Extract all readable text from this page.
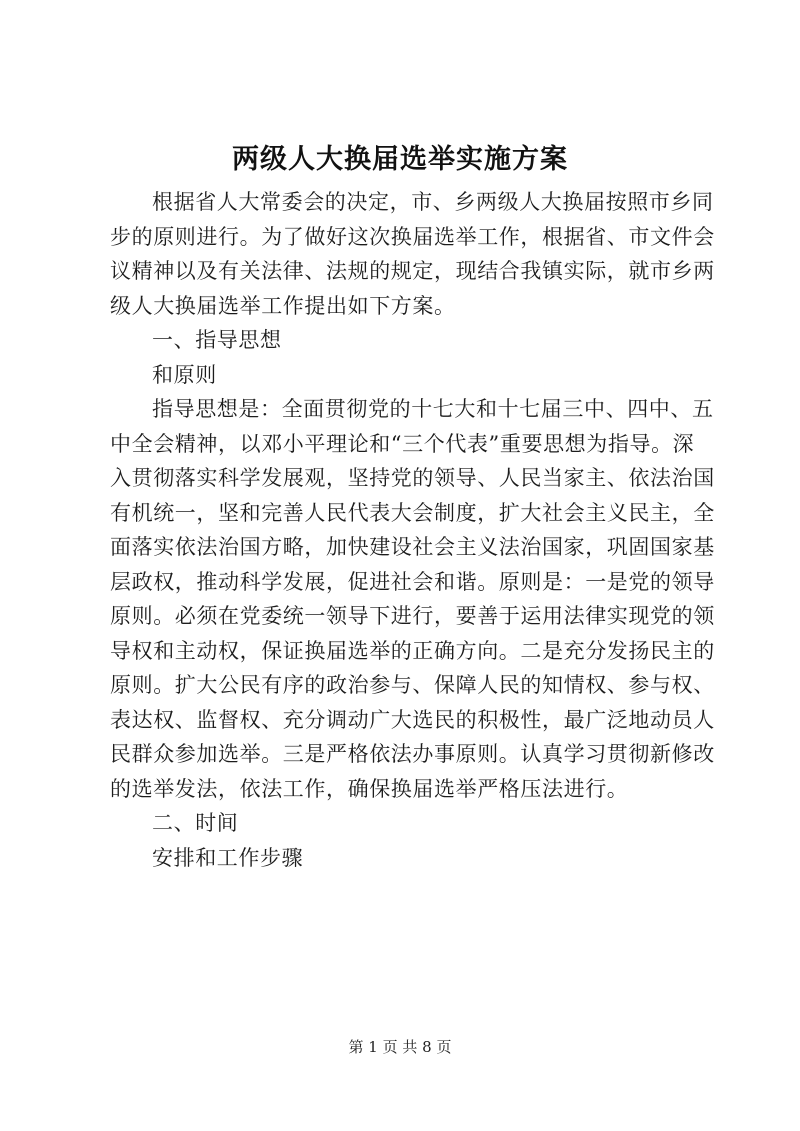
两级人大换届选举实施方案
根据省人大常委会的决定，市、乡两级人大换届按照市乡同
步的原则进行。为了做好这次换届选举工作，根据省、市文件会
议精神以及有关法律、法规的规定，现结合我镇实际，就市乡两
级人大换届选举工作提出如下方案。
一、指导思想
和原则
指导思想是：全面贯彻党的十七大和十七届三中、四中、五
中全会精神，以邓小平理论和“三个代表”重要思想为指导。深
入贯彻落实科学发展观，坚持党的领导、人民当家主、依法治国
有机统一，坚和完善人民代表大会制度，扩大社会主义民主，全
面落实依法治国方略，加快建设社会主义法治国家，巩固国家基
层政权，推动科学发展，促进社会和谐。原则是：一是党的领导
原则。必须在党委统一领导下进行，要善于运用法律实现党的领
导权和主动权，保证换届选举的正确方向。二是充分发扬民主的
原则。扩大公民有序的政治参与、保障人民的知情权、参与权、
表达权、监督权、充分调动广大选民的积极性，最广泛地动员人
民群众参加选举。三是严格依法办事原则。认真学习贯彻新修改
的选举发法，依法工作，确保换届选举严格压法进行。
二、时间
安排和工作步骤
第 1 页 共 8 页
